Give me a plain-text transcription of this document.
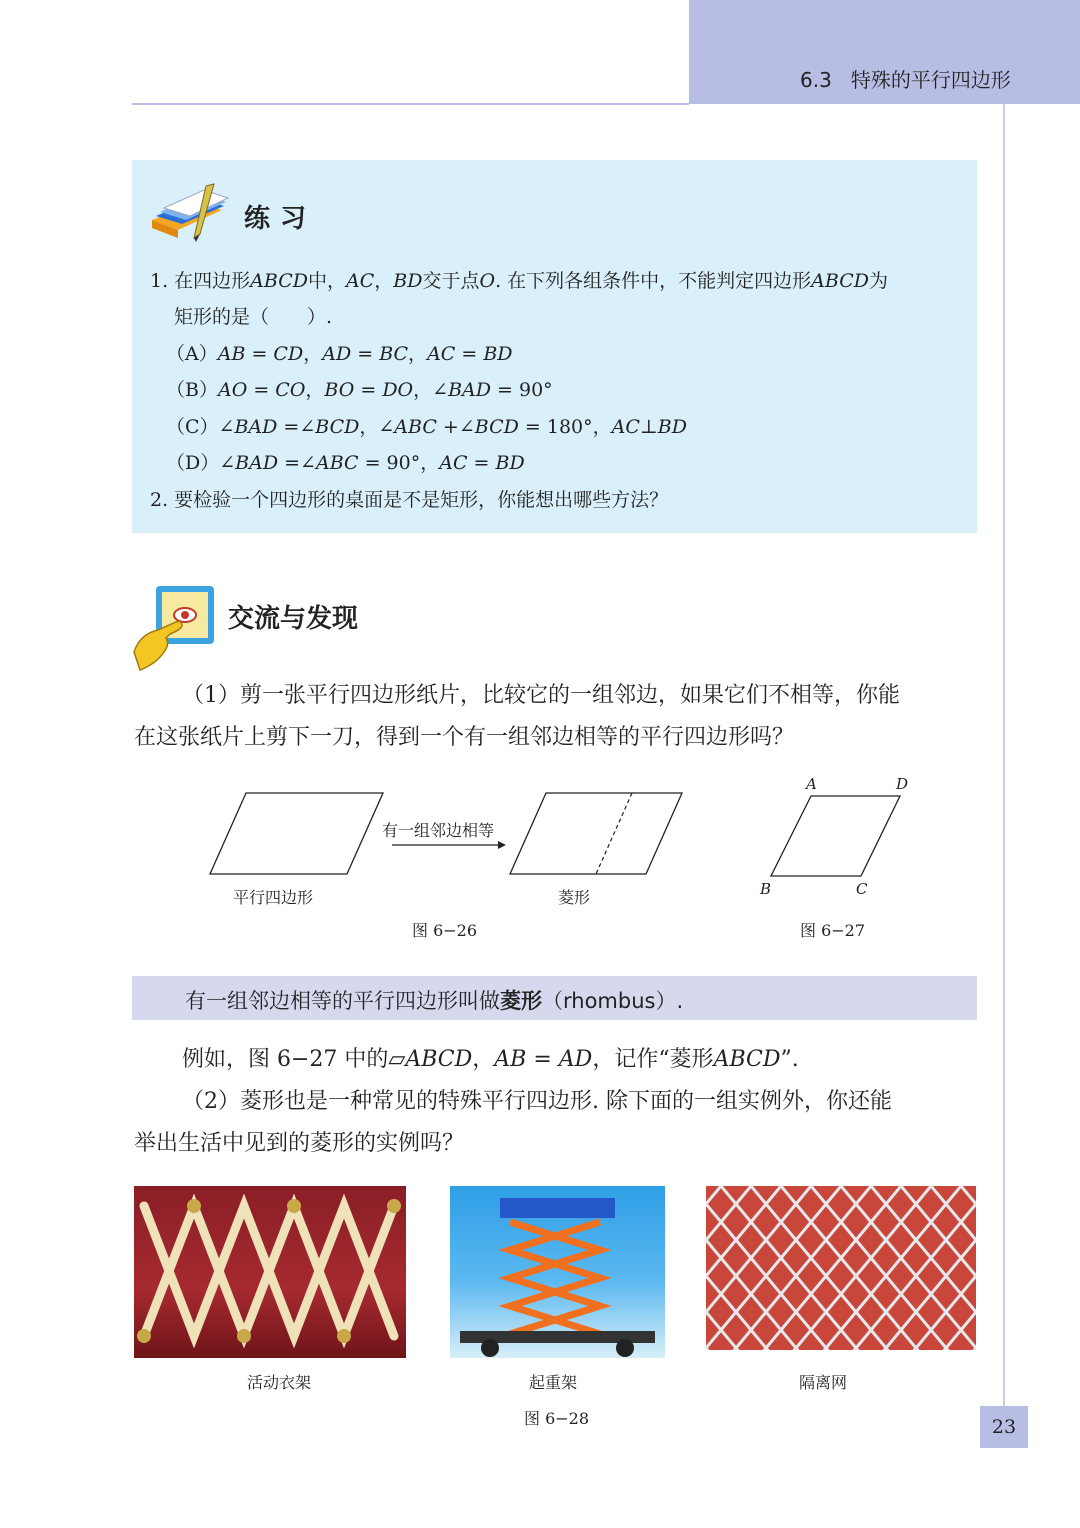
6.3 特殊的平行四边形
练习
1. 在四边形ABCD中，AC，BD交于点O. 在下列各组条件中，不能判定四边形ABCD为
矩形的是（　　）.
（A）AB = CD，AD = BC，AC = BD
（B）AO = CO，BO = DO，∠BAD = 90°
（C）∠BAD =∠BCD，∠ABC +∠BCD = 180°，AC⊥BD
（D）∠BAD =∠ABC = 90°，AC = BD
2. 要检验一个四边形的桌面是不是矩形，你能想出哪些方法？
交流与发现
（1）剪一张平行四边形纸片，比较它的一组邻边，如果它们不相等，你能
在这张纸片上剪下一刀，得到一个有一组邻边相等的平行四边形吗？
有一组邻边相等
平行四边形	菱形
图 6−26
A	D
B	C
图 6−27
有一组邻边相等的平行四边形叫做菱形（rhombus）.
例如，图 6−27 中的▱ABCD，AB = AD，记作“菱形ABCD”.
（2）菱形也是一种常见的特殊平行四边形. 除下面的一组实例外，你还能
举出生活中见到的菱形的实例吗？
活动衣架	起重架	隔离网
图 6−28	23
